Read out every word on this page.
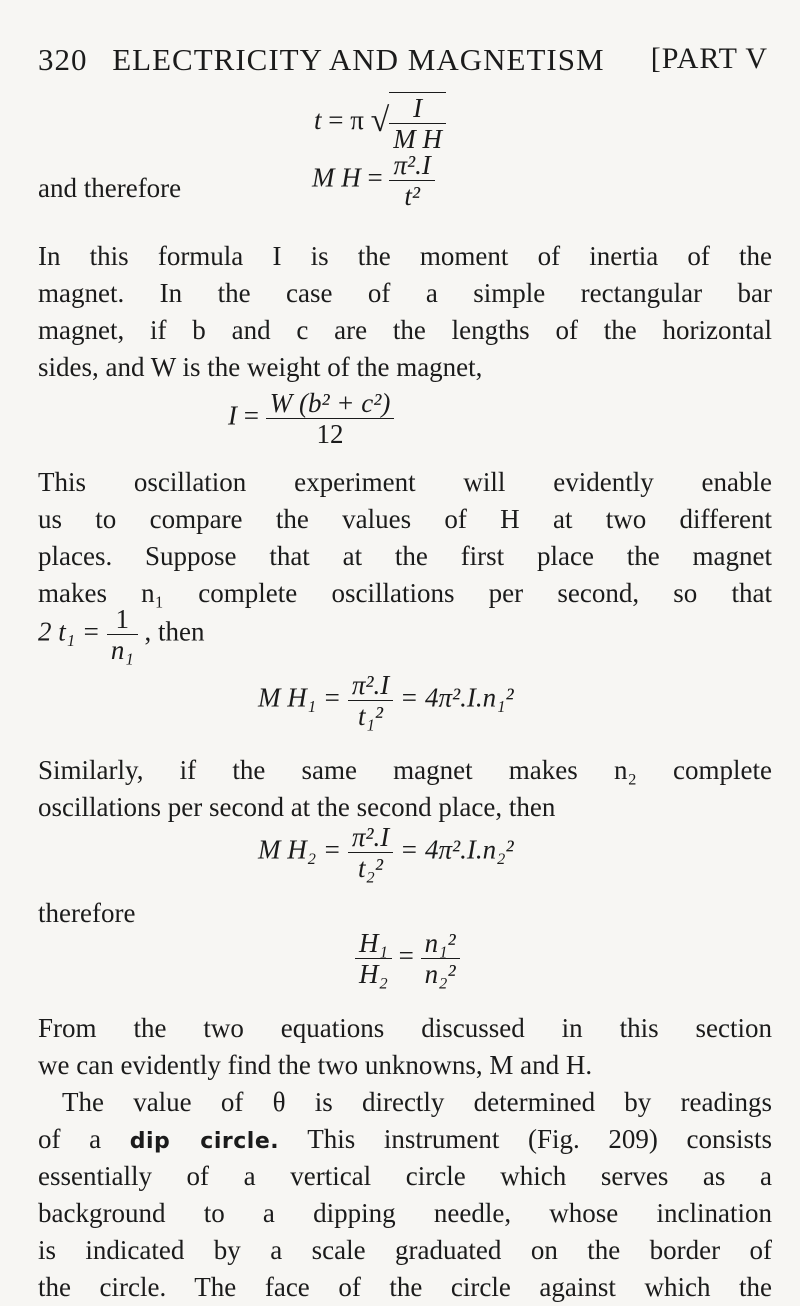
320 ELECTRICITY AND MAGNETISM [PART V
t = π √ $\frac{I}{\text{M H}}$
and therefore	M $H = \frac{\text{π².I}}{\text{t²}}$
In this formula I is the moment of inertia of the
magnet. In the case of a simple rectangular bar
magnet, if b and c are the lengths of the horizontal
sides, and W is the weight of the magnet,
$I = \frac{\text{W (b² + c²)}}{12}$
This oscillation experiment will evidently enable
us to compare the values of H at two different
places. Suppose that at the first place the magnet
makes n₁ complete oscillations per second, so that
2 $t_1 = \frac{1}{\text{n₁}}$ , then
M $H_1 = \frac{\text{π².I}}{\text{t₁²}} = 4\pi^2.I.n_1^2$
Similarly, if the same magnet makes n₂ complete
oscillations per second at the second place, then
M $H_2 = \frac{\text{π².I}}{\text{t₂²}} = 4\pi^2.I.n_2^2$
therefore
$\frac{\text{H₁}}{\text{H₂}} = \frac{\text{n₁²}}{\text{n₂²}}$
From the two equations discussed in this section
we can evidently find the two unknowns, M and H.
The value of θ is directly determined by readings
of a dip circle. This instrument (Fig. 209) consists
essentially of a vertical circle which serves as a
background to a dipping needle, whose inclination
is indicated by a scale graduated on the border of
the circle. The face of the circle against which the
